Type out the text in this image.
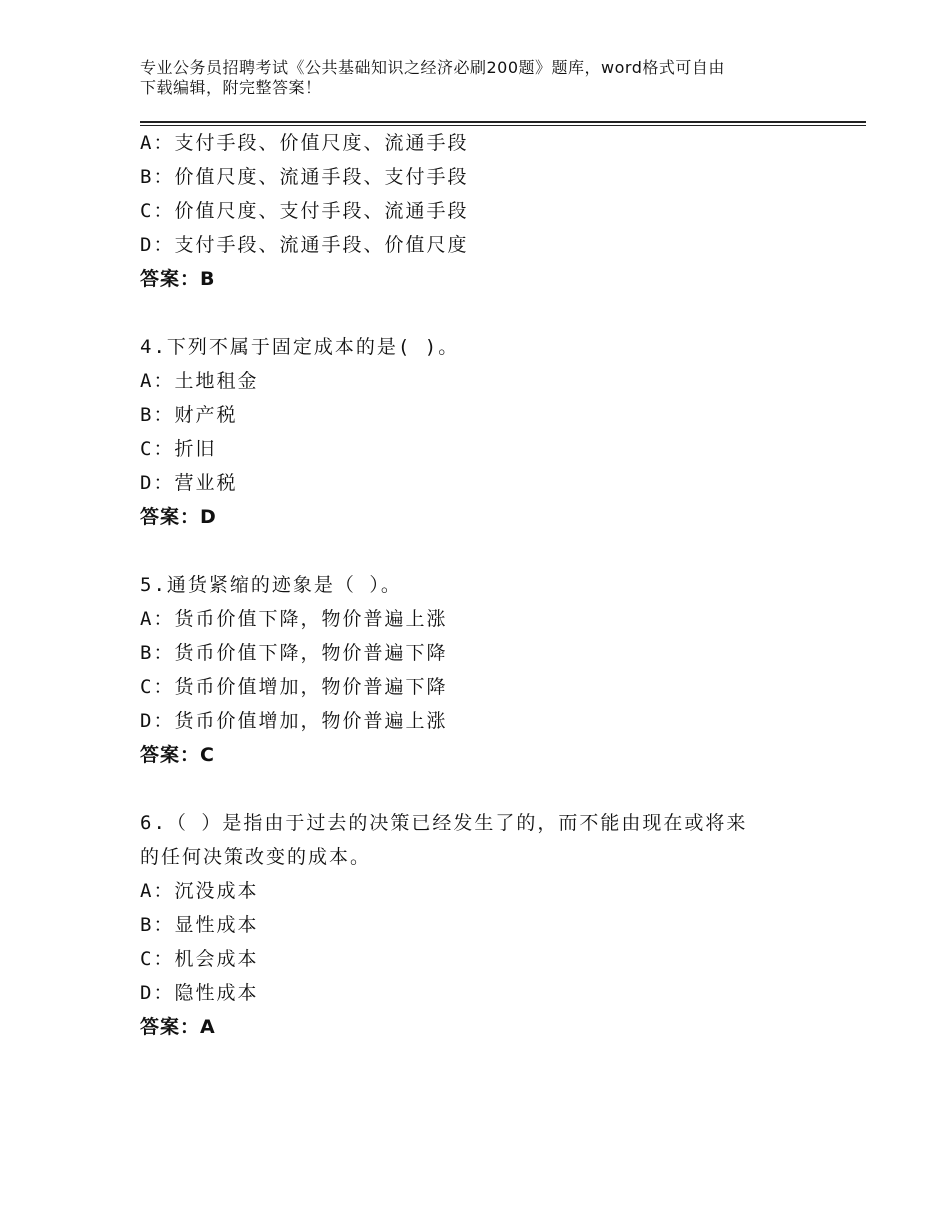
专业公务员招聘考试《公共基础知识之经济必刷200题》题库，word格式可自由
下载编辑，附完整答案！
A：支付手段、价值尺度、流通手段
B：价值尺度、流通手段、支付手段
C：价值尺度、支付手段、流通手段
D：支付手段、流通手段、价值尺度
答案：B
4.下列不属于固定成本的是( )。
A：土地租金
B：财产税
C：折旧
D：营业税
答案：D
5.通货紧缩的迹象是（ ）。
A：货币价值下降，物价普遍上涨
B：货币价值下降，物价普遍下降
C：货币价值增加，物价普遍下降
D：货币价值增加，物价普遍上涨
答案：C
6.（ ）是指由于过去的决策已经发生了的，而不能由现在或将来
的任何决策改变的成本。
A：沉没成本
B：显性成本
C：机会成本
D：隐性成本
答案：A
